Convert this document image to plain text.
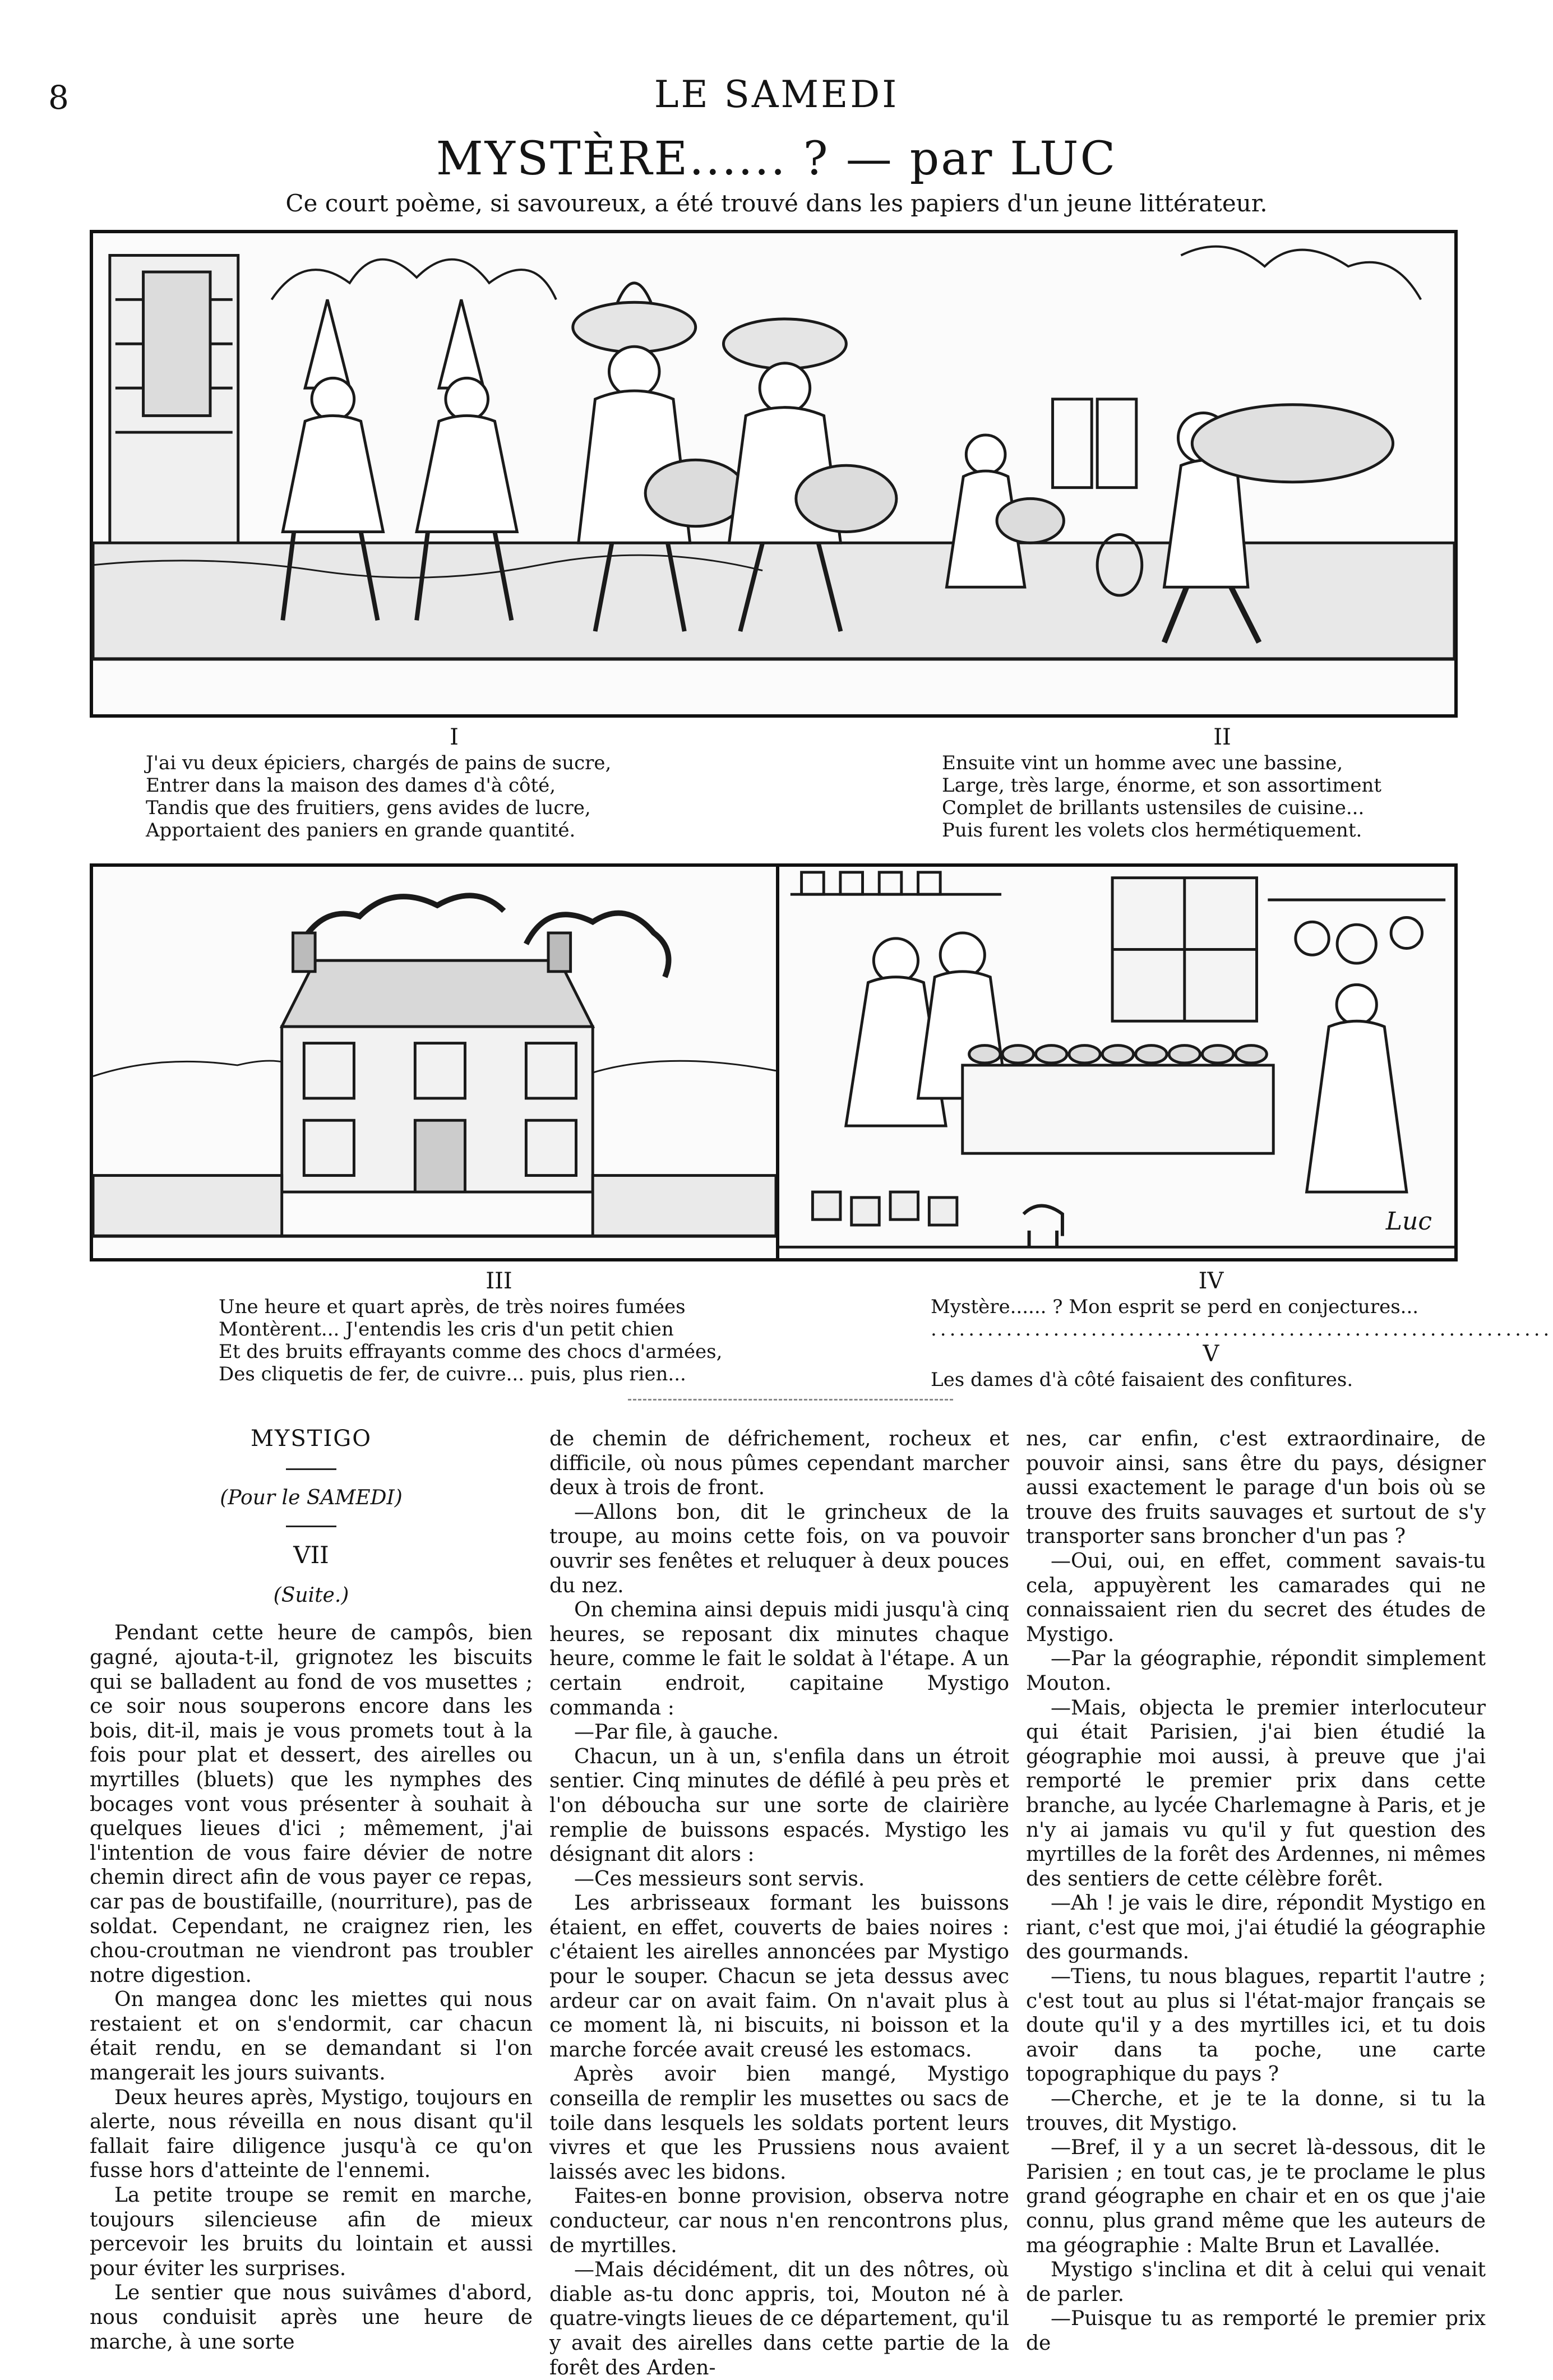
8	LE SAMEDI
MYSTÈRE...... ? — par LUC
Ce court poème, si savoureux, a été trouvé dans les papiers d'un jeune littérateur.
I

J'ai vu deux épiciers, chargés de pains de sucre,

Entrer dans la maison des dames d'à côté,

Tandis que des fruitiers, gens avides de lucre,

Apportaient des paniers en grande quantité.

II

Ensuite vint un homme avec une bassine,

Large, très large, énorme, et son assortiment

Complet de brillants ustensiles de cuisine...

Puis furent les volets clos hermétiquement.

Luc
III

Une heure et quart après, de très noires fumées

Montèrent... J'entendis les cris d'un petit chien

Et des bruits effrayants comme des chocs d'armées,

Des cliquetis de fer, de cuivre... puis, plus rien...

IV

Mystère...... ? Mon esprit se perd en conjectures...

..................................................................

V

Les dames d'à côté faisaient des confitures.

MYSTIGO
(Pour le SAMEDI)
VII
(Suite.)

Pendant cette heure de campôs, bien gagné, ajouta-t-il, grignotez les biscuits qui se balladent au fond de vos musettes ; ce soir nous souperons encore dans les bois, dit-il, mais je vous promets tout à la fois pour plat et dessert, des airelles ou myrtilles (bluets) que les nymphes des bocages vont vous présenter à souhait à quelques lieues d'ici ; mêmement, j'ai l'intention de vous faire dévier de notre chemin direct afin de vous payer ce repas, car pas de boustifaille, (nourriture), pas de soldat. Cependant, ne craignez rien, les chou-croutman ne viendront pas troubler notre digestion.

On mangea donc les miettes qui nous restaient et on s'endormit, car chacun était rendu, en se demandant si l'on mangerait les jours suivants.

Deux heures après, Mystigo, toujours en alerte, nous réveilla en nous disant qu'il fallait faire diligence jusqu'à ce qu'on fusse hors d'atteinte de l'ennemi.

La petite troupe se remit en marche, toujours silencieuse afin de mieux percevoir les bruits du lointain et aussi pour éviter les surprises.

Le sentier que nous suivâmes d'abord, nous conduisit après une heure de marche, à une sorte

de chemin de défrichement, rocheux et difficile, où nous pûmes cependant marcher deux à trois de front.

—Allons bon, dit le grincheux de la troupe, au moins cette fois, on va pouvoir ouvrir ses fenêtes et reluquer à deux pouces du nez.

On chemina ainsi depuis midi jusqu'à cinq heures, se reposant dix minutes chaque heure, comme le fait le soldat à l'étape. A un certain endroit, capitaine Mystigo commanda :

—Par file, à gauche.

Chacun, un à un, s'enfila dans un étroit sentier. Cinq minutes de défilé à peu près et l'on déboucha sur une sorte de clairière remplie de buissons espacés. Mystigo les désignant dit alors :

—Ces messieurs sont servis.

Les arbrisseaux formant les buissons étaient, en effet, couverts de baies noires : c'étaient les airelles annoncées par Mystigo pour le souper. Chacun se jeta dessus avec ardeur car on avait faim. On n'avait plus à ce moment là, ni biscuits, ni boisson et la marche forcée avait creusé les estomacs.

Après avoir bien mangé, Mystigo conseilla de remplir les musettes ou sacs de toile dans lesquels les soldats portent leurs vivres et que les Prussiens nous avaient laissés avec les bidons.

Faites-en bonne provision, observa notre conducteur, car nous n'en rencontrons plus, de myrtilles.

—Mais décidément, dit un des nôtres, où diable as-tu donc appris, toi, Mouton né à quatre-vingts lieues de ce département, qu'il y avait des airelles dans cette partie de la forêt des Arden-

nes, car enfin, c'est extraordinaire, de pouvoir ainsi, sans être du pays, désigner aussi exactement le parage d'un bois où se trouve des fruits sauvages et surtout de s'y transporter sans broncher d'un pas ?

—Oui, oui, en effet, comment savais-tu cela, appuyèrent les camarades qui ne connaissaient rien du secret des études de Mystigo.

—Par la géographie, répondit simplement Mouton.

—Mais, objecta le premier interlocuteur qui était Parisien, j'ai bien étudié la géographie moi aussi, à preuve que j'ai remporté le premier prix dans cette branche, au lycée Charlemagne à Paris, et je n'y ai jamais vu qu'il y fut question des myrtilles de la forêt des Ardennes, ni mêmes des sentiers de cette célèbre forêt.

—Ah ! je vais le dire, répondit Mystigo en riant, c'est que moi, j'ai étudié la géographie des gourmands.

—Tiens, tu nous blagues, repartit l'autre ; c'est tout au plus si l'état-major français se doute qu'il y a des myrtilles ici, et tu dois avoir dans ta poche, une carte topographique du pays ?

—Cherche, et je te la donne, si tu la trouves, dit Mystigo.

—Bref, il y a un secret là-dessous, dit le Parisien ; en tout cas, je te proclame le plus grand géographe en chair et en os que j'aie connu, plus grand même que les auteurs de ma géographie : Malte Brun et Lavallée.

Mystigo s'inclina et dit à celui qui venait de parler.

—Puisque tu as remporté le premier prix de
